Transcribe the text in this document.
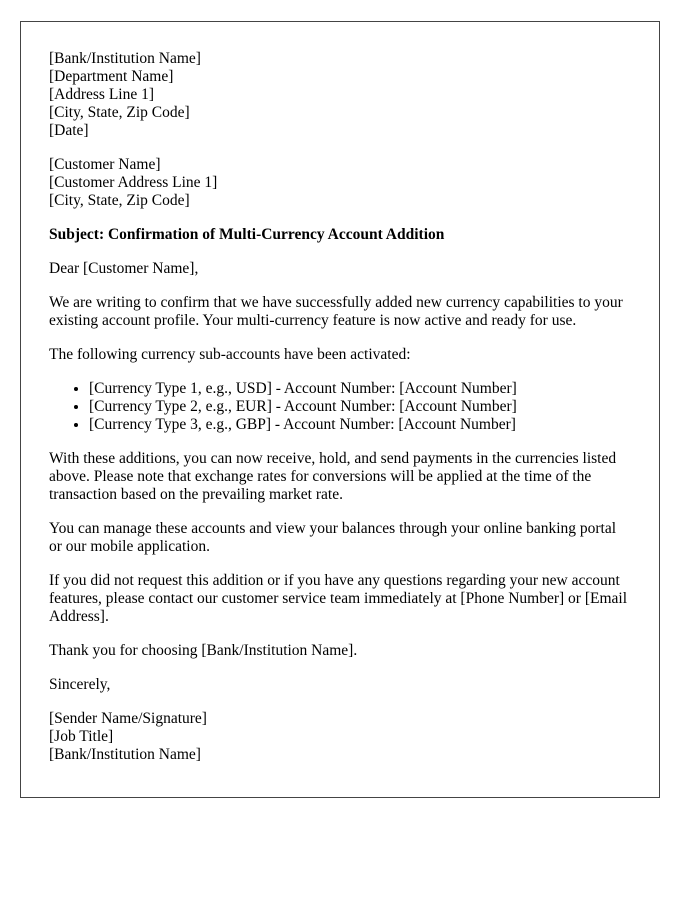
[Bank/Institution Name]
[Department Name]
[Address Line 1]
[City, State, Zip Code]
[Date]
[Customer Name]
[Customer Address Line 1]
[City, State, Zip Code]

Subject: Confirmation of Multi-Currency Account Addition

Dear [Customer Name],

We are writing to confirm that we have successfully added new currency capabilities to your existing account profile. Your multi-currency feature is now active and ready for use.

The following currency sub-accounts have been activated:

• [Currency Type 1, e.g., USD] - Account Number: [Account Number]
• [Currency Type 2, e.g., EUR] - Account Number: [Account Number]
• [Currency Type 3, e.g., GBP] - Account Number: [Account Number]

With these additions, you can now receive, hold, and send payments in the currencies listed above. Please note that exchange rates for conversions will be applied at the time of the transaction based on the prevailing market rate.

You can manage these accounts and view your balances through your online banking portal or our mobile application.

If you did not request this addition or if you have any questions regarding your new account features, please contact our customer service team immediately at [Phone Number] or [Email Address].

Thank you for choosing [Bank/Institution Name].

Sincerely,

[Sender Name/Signature]
[Job Title]
[Bank/Institution Name]
